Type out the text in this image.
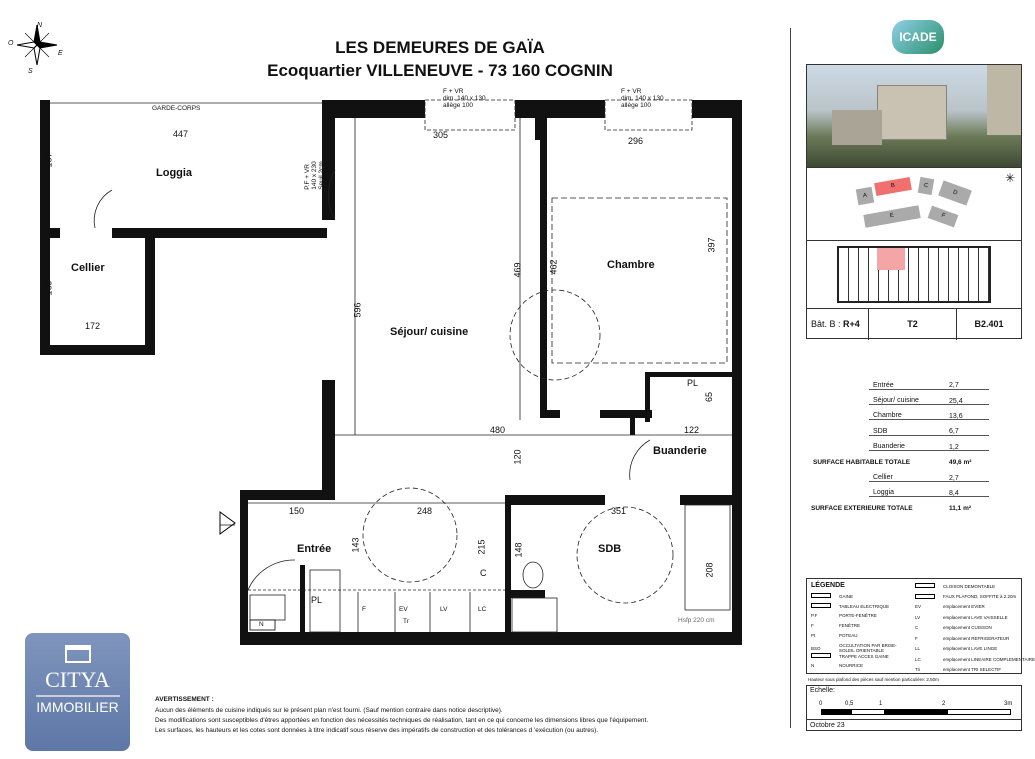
N
E
S
O	LES DEMEURES DE GAÏA
Ecoquartier VILLENEUVE - 73 160 COGNIN
GARDE-CORPS
447
187
Loggia
Cellier
169
172
F + VR
dim. 140 x 130
allège 100
F + VR
dim. 140 x 130
allège 100
P.F + VR
140 x 230
Seuil 2cm
305
296
596
469	462
397
Chambre
Séjour/ cuisine
PL
65
480	122
Buanderie
120
150	248	351
Entrée	SDB
143	215	148
208
C
PL
N
F	EV
Tr
LV	LC
Hsfp 220 cm
ICADE
A
B	C
D
E	F
✳
Bât. B : R+4	T2	B2.401
Entrée	2,7
Séjour/ cuisine	25,4
Chambre	13,6
SDB	6,7
Buanderie	1,2
SURFACE HABITABLE TOTALE	49,6 m²
Cellier	2,7
Loggia	8,4
SURFACE EXTERIEURE TOTALE	11,1 m²
LÉGENDE
GAINE
TABLEAU ELECTRIQUE
P.F	PORTE-FENÊTRE
F	FENÊTRE
Pt	POTEAU
BSO	OCCULTATION PAR BRISE-SOLEIL ORIENTABLE
TRAPPE ACCES GAINE
N	NOURRICE
CLOISON DEMONTABLE
FAUX PLAFOND, SOFFITE à 2.20m
EV	emplacement EVIER
LV	emplacement LAVE VAISSELLE
C	emplacement CUISSON
F	emplacement REFRIGERATEUR
LL	emplacement LAVE LINGE
LC	emplacement LINEAIRE COMPLEMENTAIRE
Tri	emplacement TRI SELECTIF
Hauteur sous plafond des pièces sauf mention particulière: 2,50m
Echelle:
0	0,5	1	2	3m
Octobre 23
CITYA
IMMOBILIER	AVERTISSEMENT :
Aucun des éléments de cuisine indiqués sur le présent plan n'est fourni. (Sauf mention contraire dans notice descriptive).
Des modifications sont susceptibles d'êtres apportées en fonction des nécessités techniques de réalisation, tant en ce qui concerne les dimensions libres que l'équipement.
Les surfaces, les hauteurs et les cotes sont données à titre indicatif sous réserve des impératifs de construction et des tolérances d 'exécution (ou autres).
